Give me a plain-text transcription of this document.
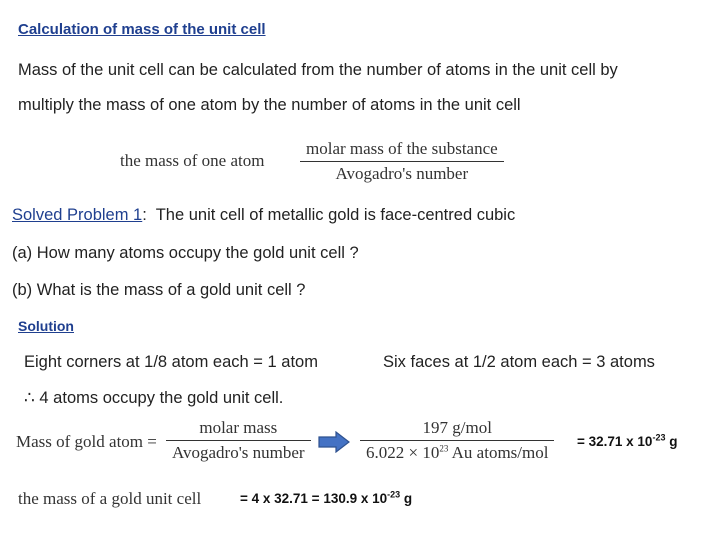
Calculation of mass of the unit cell
Mass of the unit cell can be calculated from the number of atoms in the unit cell by
multiply the mass of one atom by the number of atoms in the unit cell
the mass of one atom
molar mass of the substance
Avogadro's number
Solved Problem 1: The unit cell of metallic gold is face-centred cubic
(a) How many atoms occupy the gold unit cell ?
(b) What is the mass of a gold unit cell ?
Solution
Eight corners at 1/8 atom each = 1 atom	Six faces at 1/2 atom each = 3 atoms
∴ 4 atoms occupy the gold unit cell.
Mass of gold atom =
molar mass
Avogadro's number
197 g/mol
$6.022 \times 10^{23}$ Au atoms/mol
= 32.71 x $10^{-23}$ g
the mass of a gold unit cell	= 4 x 32.71 = 130.9 x $10^{-23}$ g
